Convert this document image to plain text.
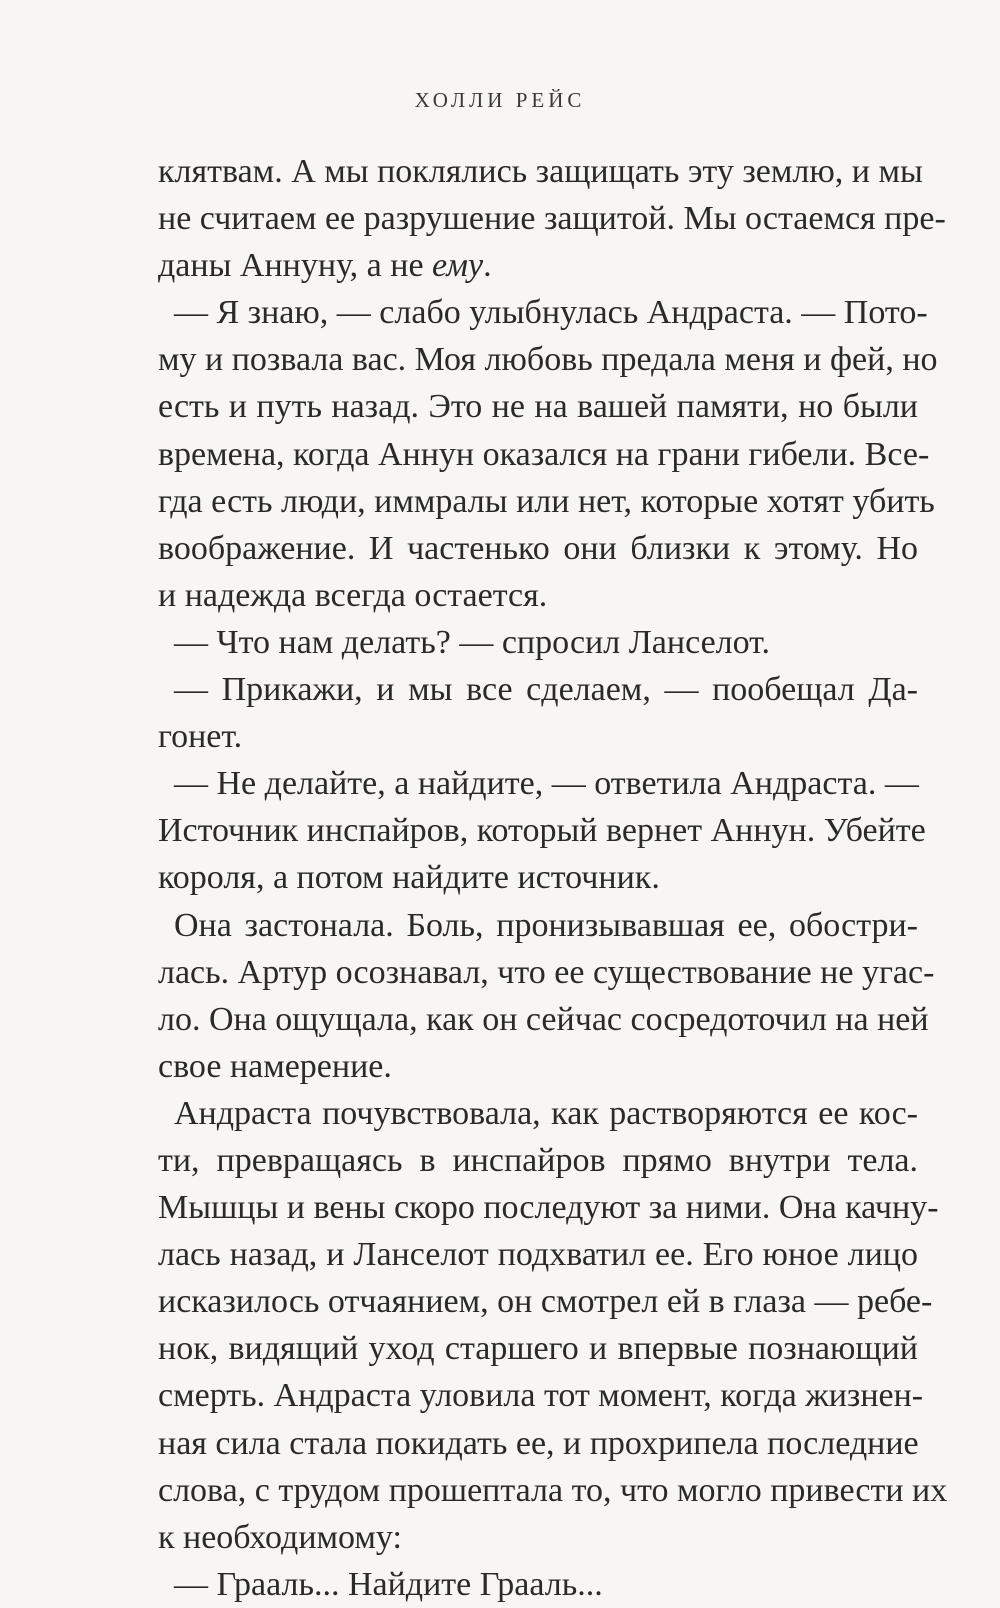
ХОЛЛИ РЕЙС
клятвам. А мы поклялись защищать эту землю, и мы
не считаем ее разрушение защитой. Мы остаемся пре-
даны Аннуну, а не ему.
— Я знаю, — слабо улыбнулась Андраста. — Пото-
му и позвала вас. Моя любовь предала меня и фей, но
есть и путь назад. Это не на вашей памяти, но были
времена, когда Аннун оказался на грани гибели. Все-
гда есть люди, иммралы или нет, которые хотят убить
воображение. И частенько они близки к этому. Но
и надежда всегда остается.
— Что нам делать? — спросил Ланселот.
— Прикажи, и мы все сделаем, — пообещал Да-
гонет.
— Не делайте, а найдите, — ответила Андраста. —
Источник инспайров, который вернет Аннун. Убейте
короля, а потом найдите источник.
Она застонала. Боль, пронизывавшая ее, обостри-
лась. Артур осознавал, что ее существование не угас-
ло. Она ощущала, как он сейчас сосредоточил на ней
свое намерение.
Андраста почувствовала, как растворяются ее кос-
ти, превращаясь в инспайров прямо внутри тела.
Мышцы и вены скоро последуют за ними. Она качну-
лась назад, и Ланселот подхватил ее. Его юное лицо
исказилось отчаянием, он смотрел ей в глаза — ребе-
нок, видящий уход старшего и впервые познающий
смерть. Андраста уловила тот момент, когда жизнен-
ная сила стала покидать ее, и прохрипела последние
слова, с трудом прошептала то, что могло привести их
к необходимому:
— Грааль... Найдите Грааль...
